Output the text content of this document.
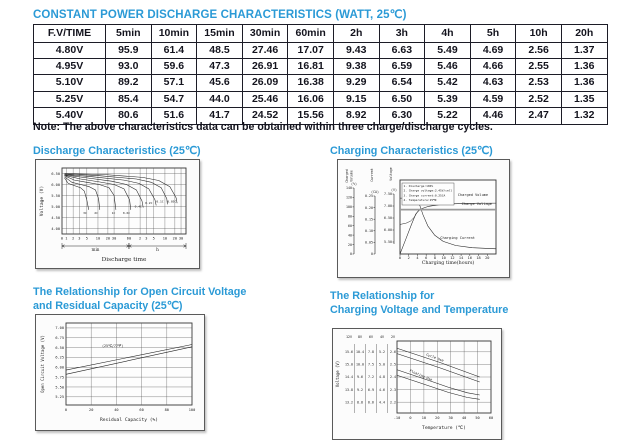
CONSTANT POWER DISCHARGE CHARACTERISTICS (WATT, 25℃)
F.V/TIME	5min	10min	15min	30min	60min	2h	3h	4h	5h	10h	20h
4.80V	95.9	61.4	48.5	27.46	17.07	9.43	6.63	5.49	4.69	2.56	1.37
4.95V	93.0	59.6	47.3	26.91	16.81	9.38	6.59	5.46	4.66	2.55	1.36
5.10V	89.2	57.1	45.6	26.09	16.38	9.29	6.54	5.42	4.63	2.53	1.36
5.25V	85.4	54.7	44.0	25.46	16.06	9.15	6.50	5.39	4.59	2.52	1.35
5.40V	80.6	51.6	41.7	24.52	15.56	8.92	6.30	5.22	4.46	2.47	1.32
Note: The above characteristics data can be obtained within three charge/discharge cycles.
Discharge Characteristics (25℃)	Charging Characteristics (25℃)
6.50
6.00
5.50
5.00
4.50
4.00
0 1 2 3 5 10 20 30	60 2 3 5 10 20 30
min	h
3C	2C	1C	0.6C
0.4C
0.2C 0.1C 0.05C
Voltage (V)
Discharge time	0 2 4 6 8 10 12 14 16 18 20
0
20
40
60
80
100
120
140
(%)
0
0.05
0.10
0.15
0.20
0.25
(CA)
5.50
6.00
6.50
7.00
7.50
(V)
1. Discharge:100%
2. Charge voltage:2.45V/cell
3. Charge current:0.25CA
4. Temperature:25℃
Charged Volume
Charge Voltage
Charging Current
Charged Volume	Current	Voltage
Charging time(hours)
The Relationship for Open Circuit Voltage
and Residual Capacity (25℃)
The Relationship for
Charging Voltage and Temperature
7.00
6.75
6.50
6.25
6.00
5.75
5.50
5.25
0	20	40	60	80	100
(25℃/77℉)
Open Circuit Voltage (V)
Residual Capacity (%)	-10	0	10	20	30	40	50	60
12V
15.6
15.0
14.4
13.8
13.2
8V
10.4
10.0
9.6
9.2
8.8
6V
7.8
7.5
7.2
6.9
6.6
4V
5.2
5.0
4.8
4.6
4.4
2V
2.6
2.5
2.4
2.3
2.2
Cycle Use
Floating Use
Voltage (V)
Temperature (℃)
